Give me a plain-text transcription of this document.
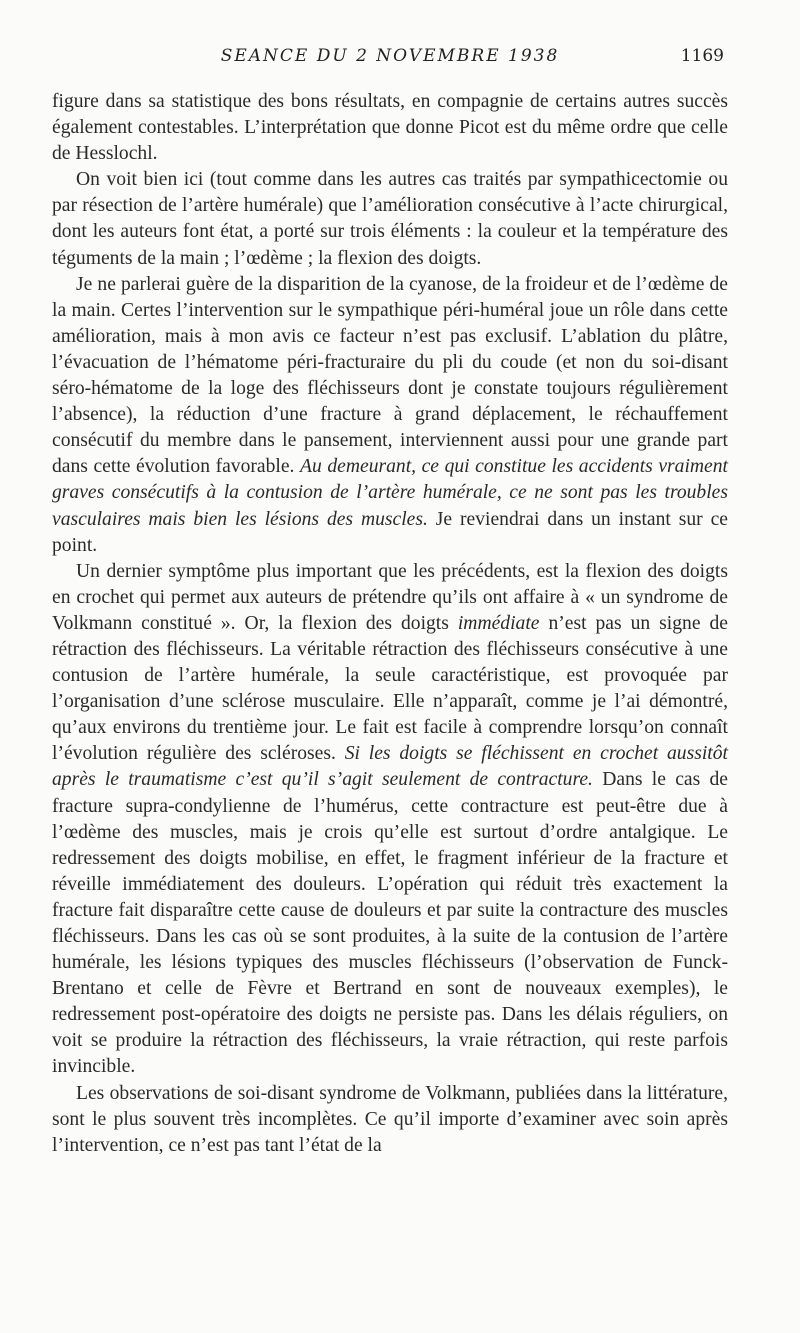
SEANCE DU 2 NOVEMBRE 1938	1169

figure dans sa statistique des bons résultats, en compagnie de certains autres succès également contestables. L’interprétation que donne Picot est du même ordre que celle de Hesslochl.

On voit bien ici (tout comme dans les autres cas traités par sympathicectomie ou par résection de l’artère humérale) que l’amélioration consécutive à l’acte chirurgical, dont les auteurs font état, a porté sur trois éléments : la couleur et la température des téguments de la main ; l’œdème ; la flexion des doigts.

Je ne parlerai guère de la disparition de la cyanose, de la froideur et de l’œdème de la main. Certes l’intervention sur le sympathique péri-huméral joue un rôle dans cette amélioration, mais à mon avis ce facteur n’est pas exclusif. L’ablation du plâtre, l’évacuation de l’hématome péri-fracturaire du pli du coude (et non du soi-disant séro-hématome de la loge des fléchisseurs dont je constate toujours régulièrement l’absence), la réduction d’une fracture à grand déplacement, le réchauffement consécutif du membre dans le pansement, interviennent aussi pour une grande part dans cette évolution favorable. Au demeurant, ce qui constitue les accidents vraiment graves consécutifs à la contusion de l’artère humérale, ce ne sont pas les troubles vasculaires mais bien les lésions des muscles. Je reviendrai dans un instant sur ce point.

Un dernier symptôme plus important que les précédents, est la flexion des doigts en crochet qui permet aux auteurs de prétendre qu’ils ont affaire à « un syndrome de Volkmann constitué ». Or, la flexion des doigts immédiate n’est pas un signe de rétraction des fléchisseurs. La véritable rétraction des fléchisseurs consécutive à une contusion de l’artère humérale, la seule caractéristique, est provoquée par l’organisation d’une sclérose musculaire. Elle n’apparaît, comme je l’ai démontré, qu’aux environs du trentième jour. Le fait est facile à comprendre lorsqu’on connaît l’évolution régulière des scléroses. Si les doigts se fléchissent en crochet aussitôt après le traumatisme c’est qu’il s’agit seulement de contracture. Dans le cas de fracture supra-condylienne de l’humérus, cette contracture est peut-être due à l’œdème des muscles, mais je crois qu’elle est surtout d’ordre antalgique. Le redressement des doigts mobilise, en effet, le fragment inférieur de la fracture et réveille immédiatement des douleurs. L’opération qui réduit très exactement la fracture fait disparaître cette cause de douleurs et par suite la contracture des muscles fléchisseurs. Dans les cas où se sont produites, à la suite de la contusion de l’artère humérale, les lésions typiques des muscles fléchisseurs (l’observation de Funck-Brentano et celle de Fèvre et Bertrand en sont de nouveaux exemples), le redressement post-opératoire des doigts ne persiste pas. Dans les délais réguliers, on voit se produire la rétraction des fléchisseurs, la vraie rétraction, qui reste parfois invincible.

Les observations de soi-disant syndrome de Volkmann, publiées dans la littérature, sont le plus souvent très incomplètes. Ce qu’il importe d’examiner avec soin après l’intervention, ce n’est pas tant l’état de la
